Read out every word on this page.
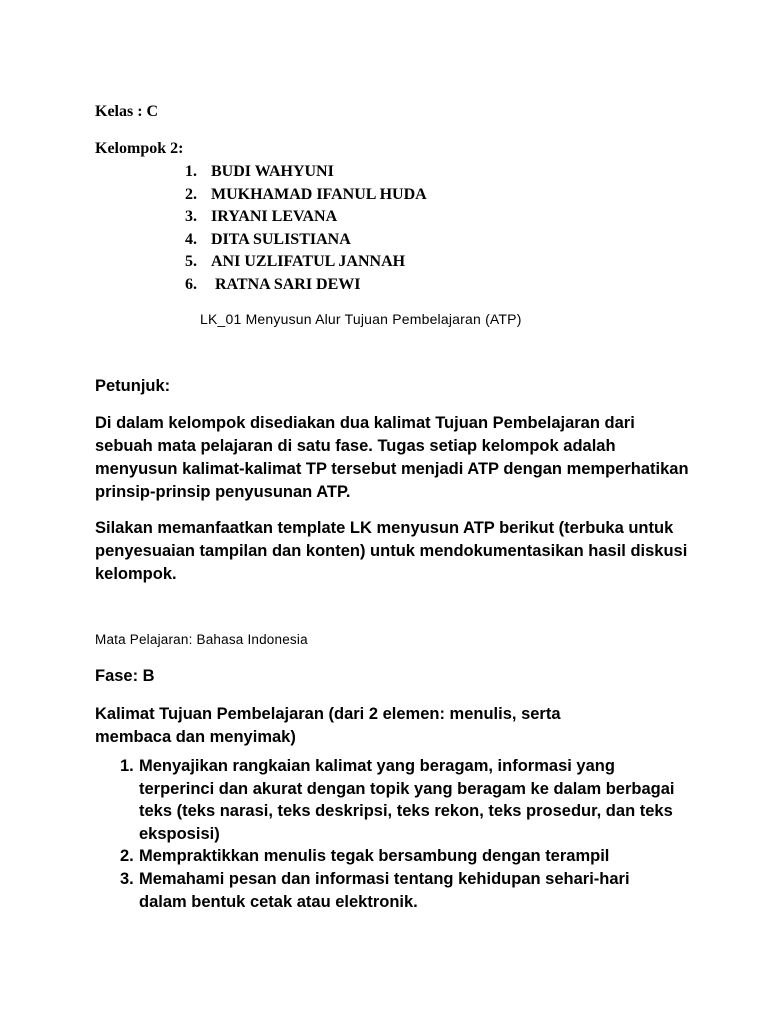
Kelas : C
Kelompok 2:
1. BUDI WAHYUNI
2. MUKHAMAD IFANUL HUDA
3. IRYANI LEVANA
4. DITA SULISTIANA
5. ANI UZLIFATUL JANNAH
6. RATNA SARI DEWI
LK_01 Menyusun Alur Tujuan Pembelajaran (ATP)
Petunjuk:

Di dalam kelompok disediakan dua kalimat Tujuan Pembelajaran dari sebuah mata pelajaran di satu fase. Tugas setiap kelompok adalah menyusun kalimat-kalimat TP tersebut menjadi ATP dengan memperhatikan prinsip-prinsip penyusunan ATP.

Silakan memanfaatkan template LK menyusun ATP berikut (terbuka untuk penyesuaian tampilan dan konten) untuk mendokumentasikan hasil diskusi kelompok.

Mata Pelajaran: Bahasa Indonesia
Fase: B

Kalimat Tujuan Pembelajaran (dari 2 elemen: menulis, serta membaca dan menyimak)

1. Menyajikan rangkaian kalimat yang beragam, informasi yang terperinci dan akurat dengan topik yang beragam ke dalam berbagai teks (teks narasi, teks deskripsi, teks rekon, teks prosedur, dan teks eksposisi)
2. Mempraktikkan menulis tegak bersambung dengan terampil
3. Memahami pesan dan informasi tentang kehidupan sehari-hari dalam bentuk cetak atau elektronik.
